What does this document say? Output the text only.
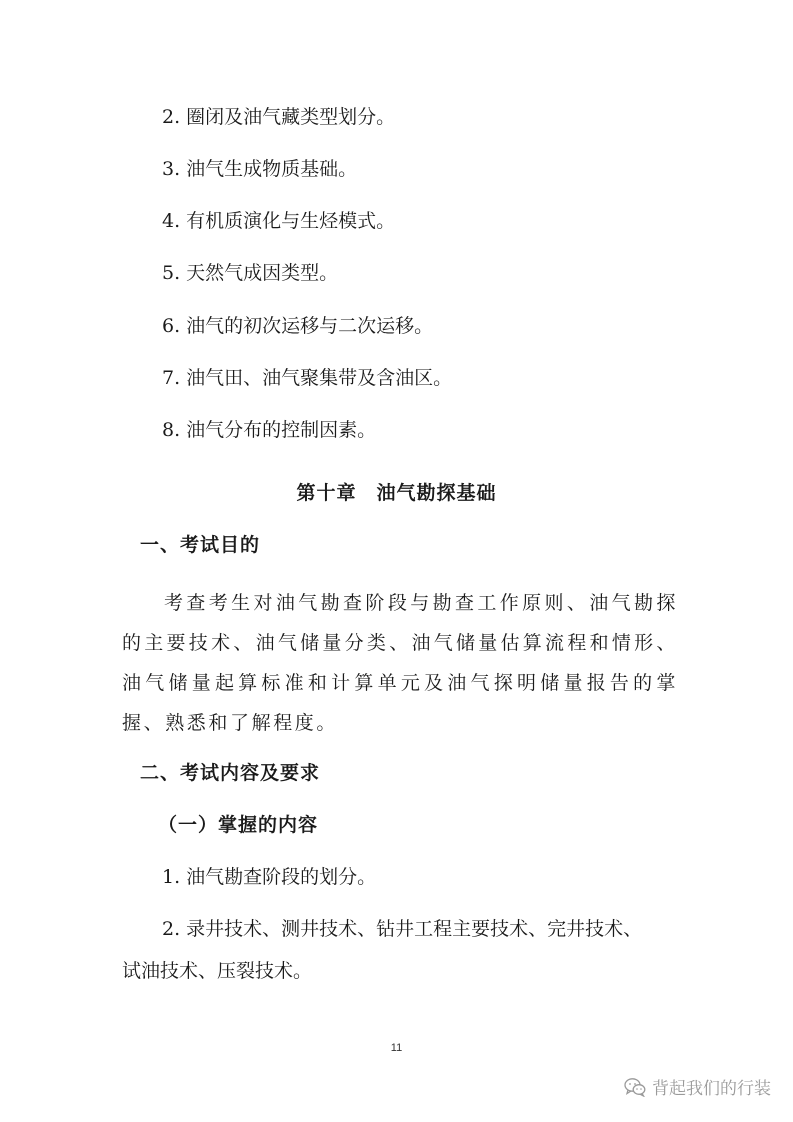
2. 圈闭及油气藏类型划分。
3. 油气生成物质基础。
4. 有机质演化与生烃模式。
5. 天然气成因类型。
6. 油气的初次运移与二次运移。
7. 油气田、油气聚集带及含油区。
8. 油气分布的控制因素。
第十章　油气勘探基础
一、考试目的

考查考生对油气勘查阶段与勘查工作原则、油气勘探的主要技术、油气储量分类、油气储量估算流程和情形、油气储量起算标准和计算单元及油气探明储量报告的掌握、熟悉和了解程度。

二、考试内容及要求
（一）掌握的内容
1. 油气勘查阶段的划分。
2. 录井技术、测井技术、钻井工程主要技术、完井技术、
试油技术、压裂技术。
11
背起我们的行装
